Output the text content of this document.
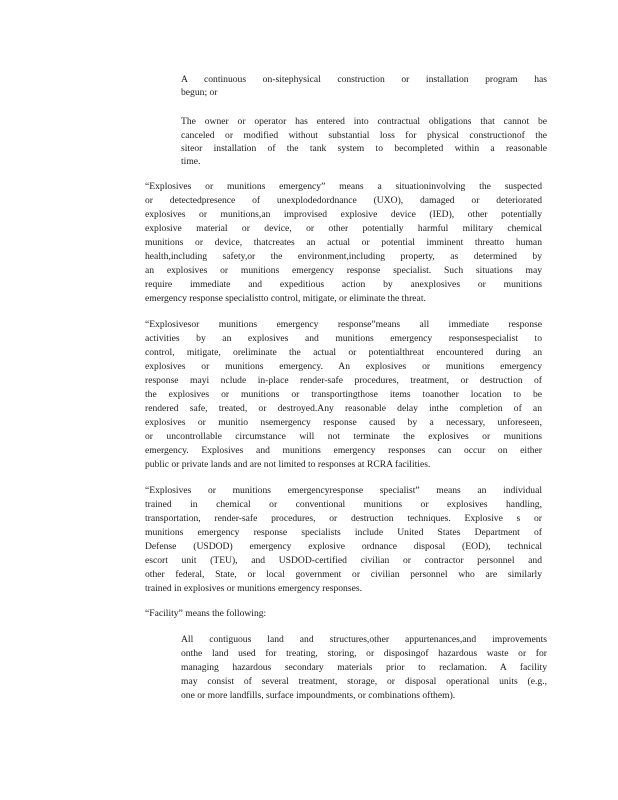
A continuous on-sitephysical construction or installation program has

begun; or

The owner or operator has entered into contractual obligations that cannot be

canceled or modified without substantial loss for physical constructionof the

siteor installation of the tank system to becompleted within a reasonable

time.

“Explosives or munitions emergency” means a situationinvolving the suspected

or detectedpresence of unexplodedordnance (UXO), damaged or deteriorated

explosives or munitions,an improvised explosive device (IED), other potentially

explosive material or device, or other potentially harmful military chemical

munitions or device, thatcreates an actual or potential imminent threatto human

health,including safety,or the environment,including property, as determined by

an explosives or munitions emergency response specialist. Such situations may

require immediate and expeditious action by anexplosives or munitions

emergency response specialistto control, mitigate, or eliminate the threat.

“Explosivesor munitions emergency response”means all immediate response

activities by an explosives and munitions emergency responsespecialist to

control, mitigate, oreliminate the actual or potentialthreat encountered during an

explosives or munitions emergency. An explosives or munitions emergency

response mayi nclude in-place render-safe procedures, treatment, or destruction of

the explosives or munitions or transportingthose items toanother location to be

rendered safe, treated, or destroyed.Any reasonable delay inthe completion of an

explosives or munitio nsemergency response caused by a necessary, unforeseen,

or uncontrollable circumstance will not terminate the explosives or munitions

emergency. Explosives and munitions emergency responses can occur on either

public or private lands and are not limited to responses at RCRA facilities.

“Explosives or munitions emergencyresponse specialist” means an individual

trained in chemical or conventional munitions or explosives handling,

transportation, render-safe procedures, or destruction techniques. Explosive s or

munitions emergency response specialists include United States Department of

Defense (USDOD) emergency explosive ordnance disposal (EOD), technical

escort unit (TEU), and USDOD-certified civilian or contractor personnel and

other federal, State, or local government or civilian personnel who are similarly

trained in explosives or munitions emergency responses.

“Facility” means the following:

All contiguous land and structures,other appurtenances,and improvements

onthe land used for treating, storing, or disposingof hazardous waste or for

managing hazardous secondary materials prior to reclamation. A facility

may consist of several treatment, storage, or disposal operational units (e.g.,

one or more landfills, surface impoundments, or combinations ofthem).
